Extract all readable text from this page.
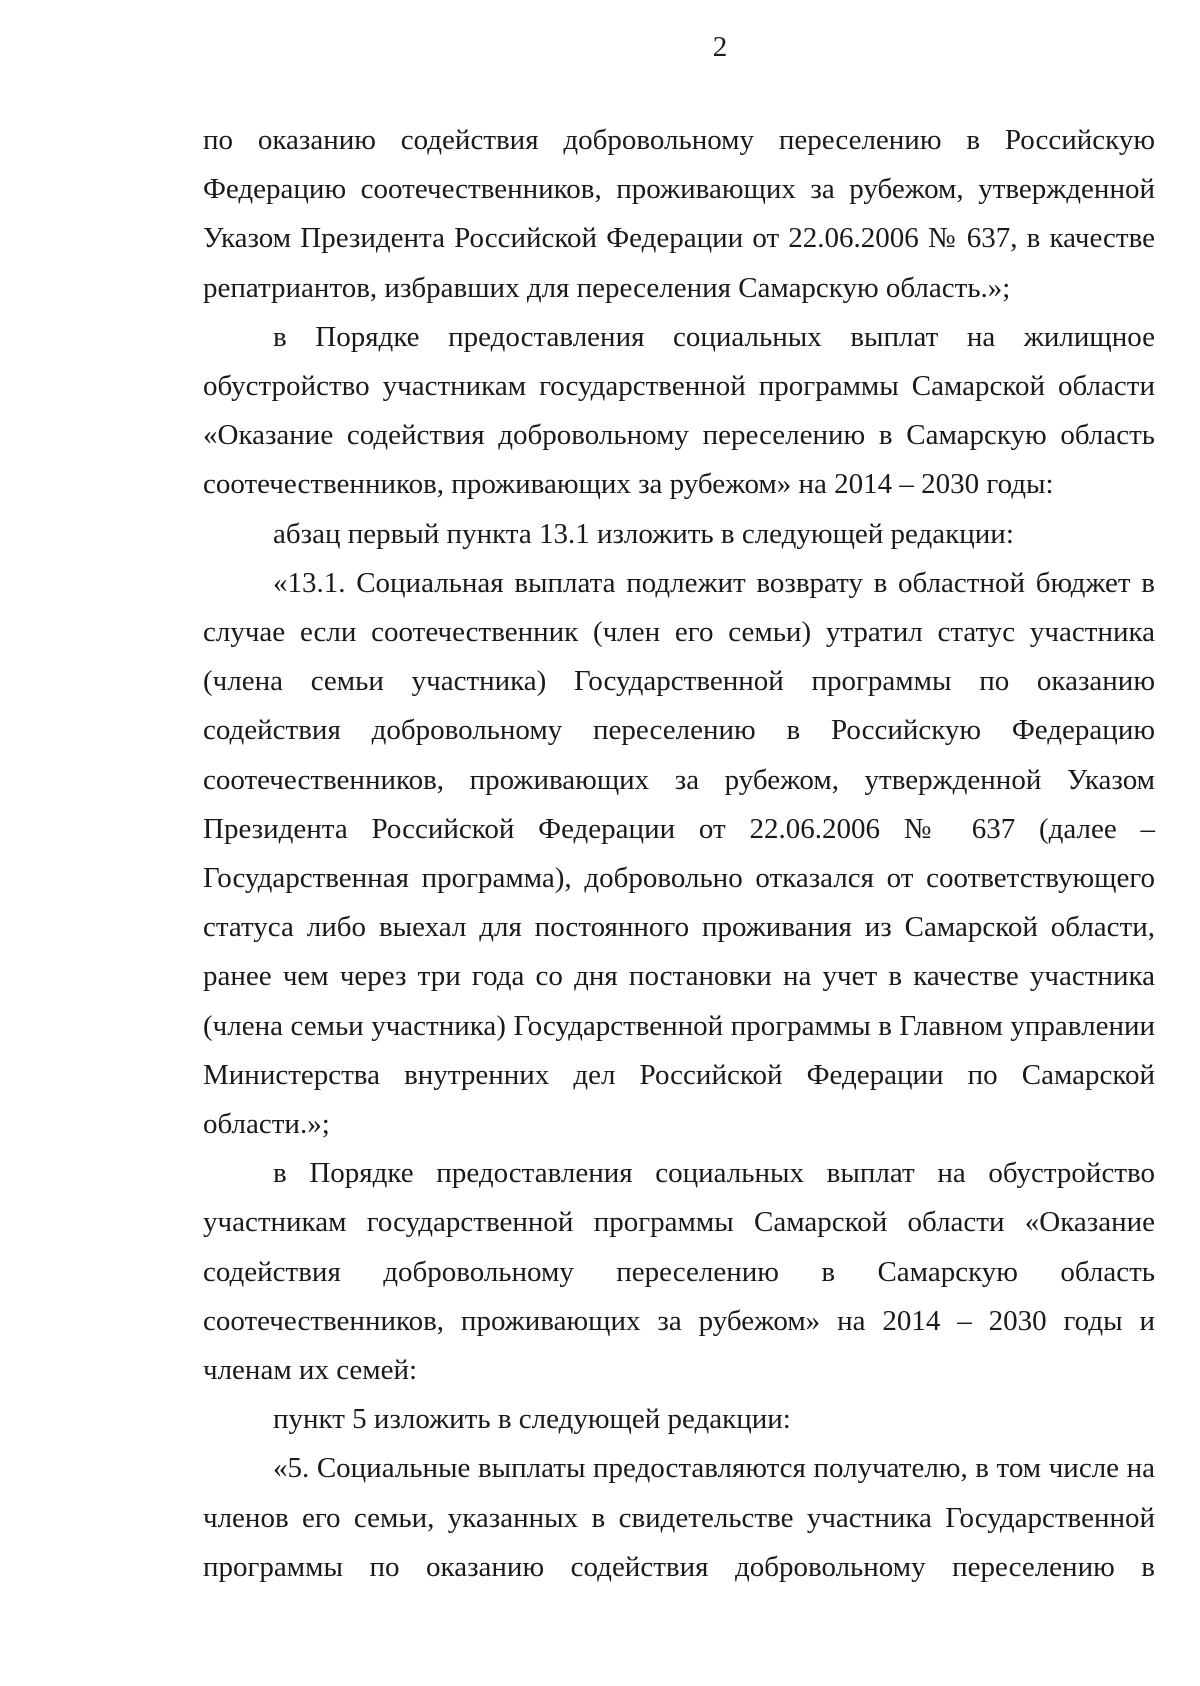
2

по оказанию содействия добровольному переселению в Российскую Федерацию соотечественников, проживающих за рубежом, утвержденной Указом Президента Российской Федерации от 22.06.2006 № 637, в качестве репатриантов, избравших для переселения Самарскую область.»;

в Порядке предоставления социальных выплат на жилищное обустройство участникам государственной программы Самарской области «Оказание содействия добровольному переселению в Самарскую область соотечественников, проживающих за рубежом» на 2014 – 2030 годы:

абзац первый пункта 13.1 изложить в следующей редакции:

«13.1. Социальная выплата подлежит возврату в областной бюджет в случае если соотечественник (член его семьи) утратил статус участника (члена семьи участника) Государственной программы по оказанию содействия добровольному переселению в Российскую Федерацию соотечественников, проживающих за рубежом, утвержденной Указом Президента Российской Федерации от 22.06.2006 № 637 (далее – Государственная программа), добровольно отказался от соответствующего статуса либо выехал для постоянного проживания из Самарской области, ранее чем через три года со дня постановки на учет в качестве участника (члена семьи участника) Государственной программы в Главном управлении Министерства внутренних дел Российской Федерации по Самарской области.»;

в Порядке предоставления социальных выплат на обустройство участникам государственной программы Самарской области «Оказание содействия добровольному переселению в Самарскую область соотечественников, проживающих за рубежом» на 2014 – 2030 годы и членам их семей:

пункт 5 изложить в следующей редакции:

«5. Социальные выплаты предоставляются получателю, в том числе на членов его семьи, указанных в свидетельстве участника Государственной программы по оказанию содействия добровольному переселению в
